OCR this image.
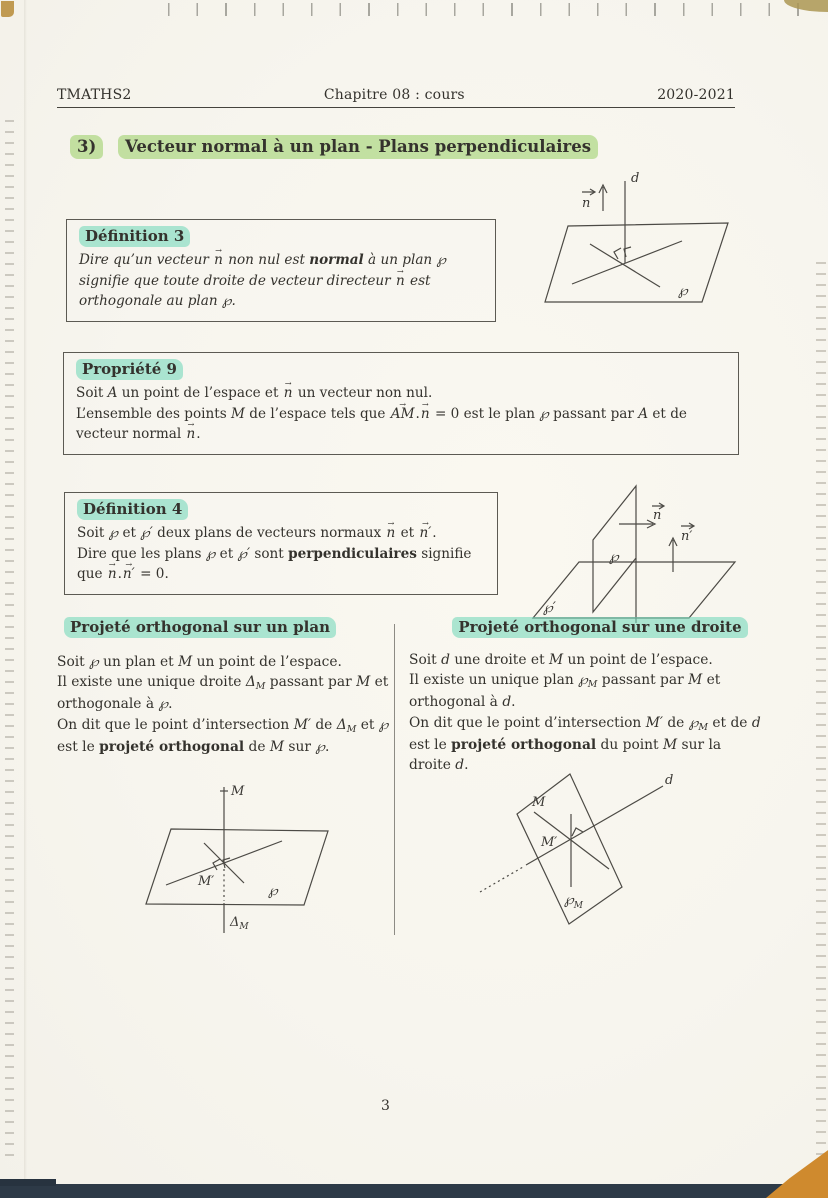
TMATHS2	Chapitre 08 : cours	2020-2021
3) Vecteur normal à un plan - Plans perpendiculaires
Définition 3
Dire qu’un vecteur n → non nul est normal à un plan ℘ signifie que toute droite de vecteur directeur n → est orthogonale au plan ℘.
d
n
℘
Propriété 9
Soit A un point de l’espace et n → un vecteur non nul.
L’ensemble des points M de l’espace tels que AM →.n → = 0 est le plan ℘ passant par A et de vecteur normal n →.
Définition 4
Soit ℘ et ℘′ deux plans de vecteurs normaux n → et n′ →.
Dire que les plans ℘ et ℘′ sont perpendiculaires signifie que n →.n′ → = 0.
n
n′
℘
℘′
Projeté orthogonal sur un plan	Projeté orthogonal sur une droite
Soit ℘ un plan et M un point de l’espace.
Il existe une unique droite $\Delta_M$ passant par M et orthogonale à ℘.
On dit que le point d’intersection M′ de $\Delta_M$ et ℘ est le projeté orthogonal de M sur ℘.
Soit d une droite et M un point de l’espace.
Il existe un unique plan $℘_M$ passant par M et orthogonal à d.
On dit que le point d’intersection M′ de $℘_M$ et de d est le projeté orthogonal du point M sur la droite d.
M
M′
℘
$\Delta_M$
d
M
M′
$℘_M$
3
